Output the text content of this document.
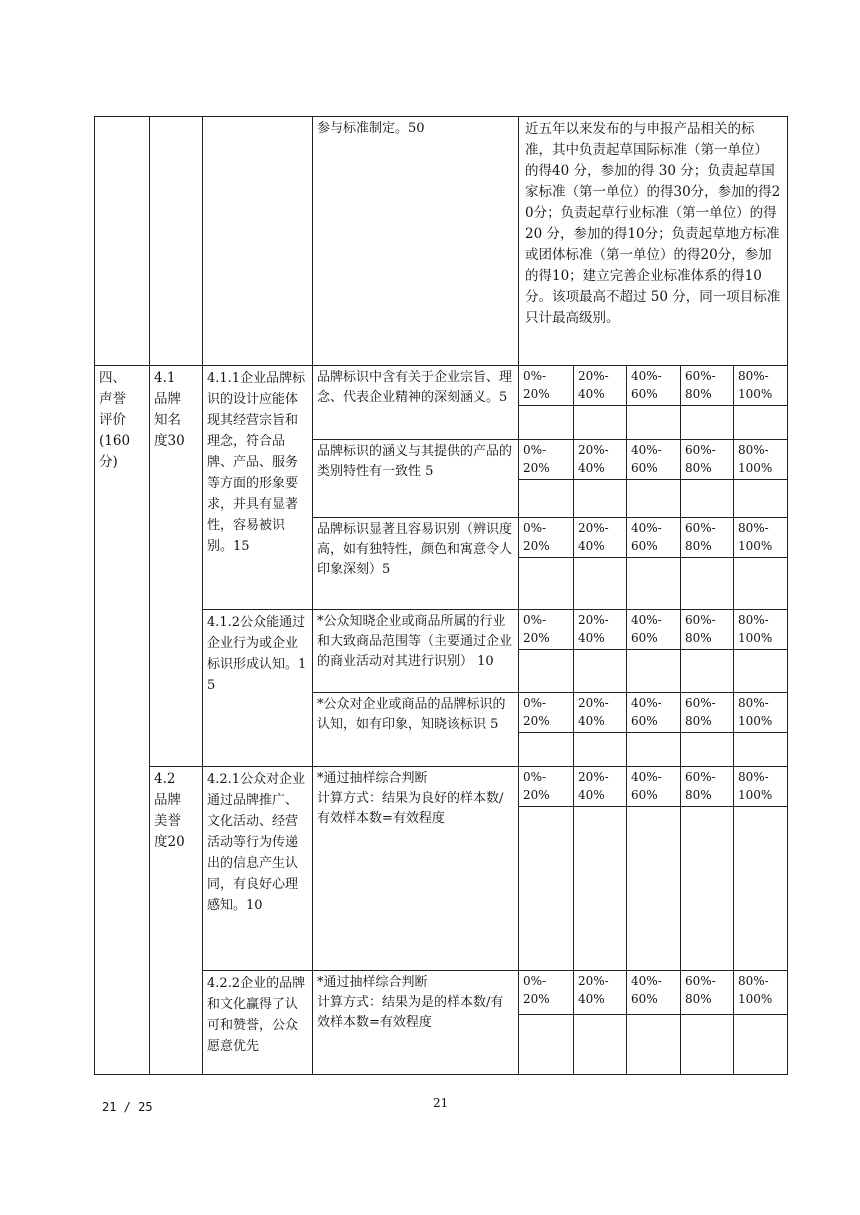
			参与标准制定。50	近五年以来发布的与申报产品相关的标准，其中负责起草国际标准（第一单位）的得40 分，参加的得 30 分；负责起草国家标准（第一单位）的得30分，参加的得20分；负责起草行业标准（第一单位）的得 20 分，参加的得10分；负责起草地方标准或团体标准（第一单位）的得20分，参加的得10；建立完善企业标准体系的得10分。该项最高不超过 50 分，同一项目标准只计最高级别。				
四、
声誉
评价
(160
分)	4.1
品牌
知名
度30	4.1.1企业品牌标识的设计应能体现其经营宗旨和理念，符合品牌、产品、服务等方面的形象要求，并具有显著性，容易被识别。15	品牌标识中含有关于企业宗旨、理念、代表企业精神的深刻涵义。5	0%-
20%	20%-
40%	40%-
60%	60%-
80%	80%-
100%

			品牌标识的涵义与其提供的产品的类别特性有一致性 5	0%-
20%	20%-
40%	40%-
60%	60%-
80%	80%-
100%

			品牌标识显著且容易识别（辨识度高，如有独特性，颜色和寓意令人印象深刻）5	0%-
20%	20%-
40%	40%-
60%	60%-
80%	80%-
100%

		4.1.2公众能通过企业行为或企业标识形成认知。15	*公众知晓企业或商品所属的行业和大致商品范围等（主要通过企业的商业活动对其进行识别） 10	0%-
20%	20%-
40%	40%-
60%	60%-
80%	80%-
100%

			*公众对企业或商品的品牌标识的认知，如有印象，知晓该标识 5	0%-
20%	20%-
40%	40%-
60%	60%-
80%	80%-
100%

	4.2
品牌
美誉
度20	4.2.1公众对企业通过品牌推广、文化活动、经营活动等行为传递出的信息产生认同，有良好心理感知。10	*通过抽样综合判断
计算方式：结果为良好的样本数/有效样本数=有效程度	0%-
20%	20%-
40%	40%-
60%	60%-
80%	80%-
100%

		4.2.2企业的品牌和文化赢得了认可和赞誉，公众愿意优先	*通过抽样综合判断
计算方式：结果为是的样本数/有效样本数=有效程度	0%-
20%	20%-
40%	40%-
60%	60%-
80%	80%-
100%

21 / 25	21
